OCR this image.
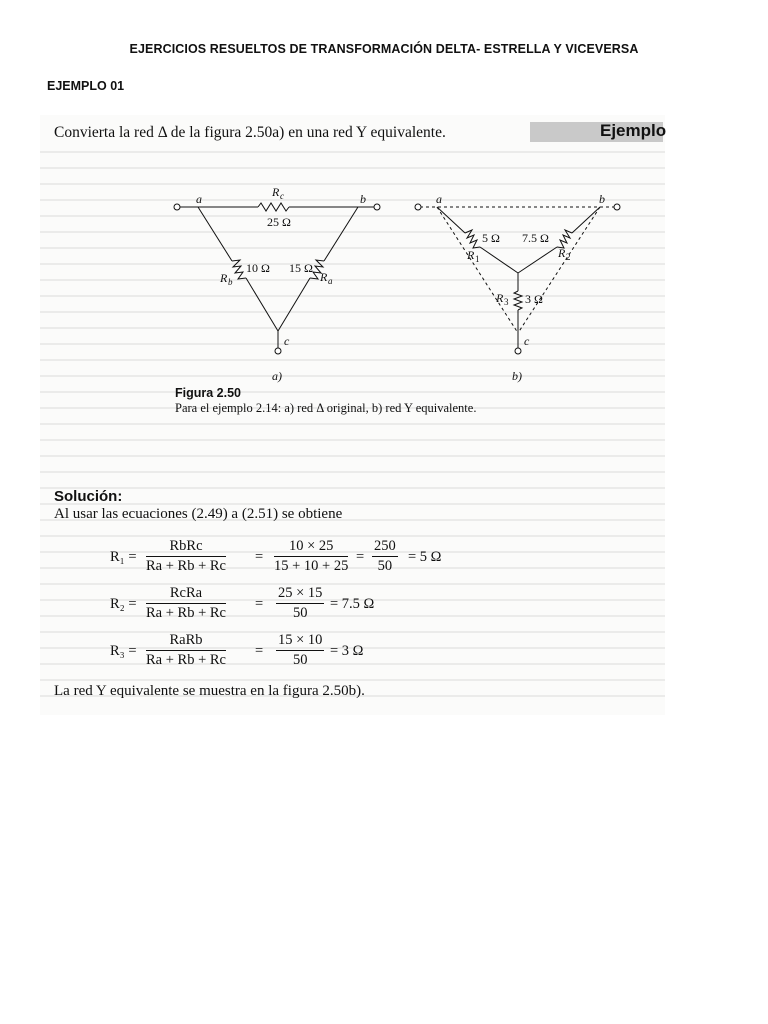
EJERCICIOS RESUELTOS DE TRANSFORMACIÓN DELTA- ESTRELLA Y VICEVERSA
EJEMPLO 01
Convierta la red Δ de la figura 2.50a) en una red Y equivalente.	Ejemplo
a	b
c
R c
25 Ω
10 Ω
R b
15 Ω
R a
a)
a	b
c
5 Ω
R 1
7.5 Ω
R 2
R 3 3 Ω
b)
Figura 2.50
Para el ejemplo 2.14: a) red Δ original, b) red Y equivalente.
Solución:
Al usar las ecuaciones (2.49) a (2.51) se obtiene
R₁ =
RbRc
Ra + Rb + Rc
= $\frac{10 \times 25}{15 + 10 + 25} = \frac{250}{50} = 5$ Ω
R₂ =
RcRa
Ra + Rb + Rc
= $\frac{25 \times 15}{50} = 7.5$ Ω
R₃ =
RaRb
Ra + Rb + Rc
= $\frac{15 \times 10}{50} = 3$ Ω
La red Y equivalente se muestra en la figura 2.50b).
